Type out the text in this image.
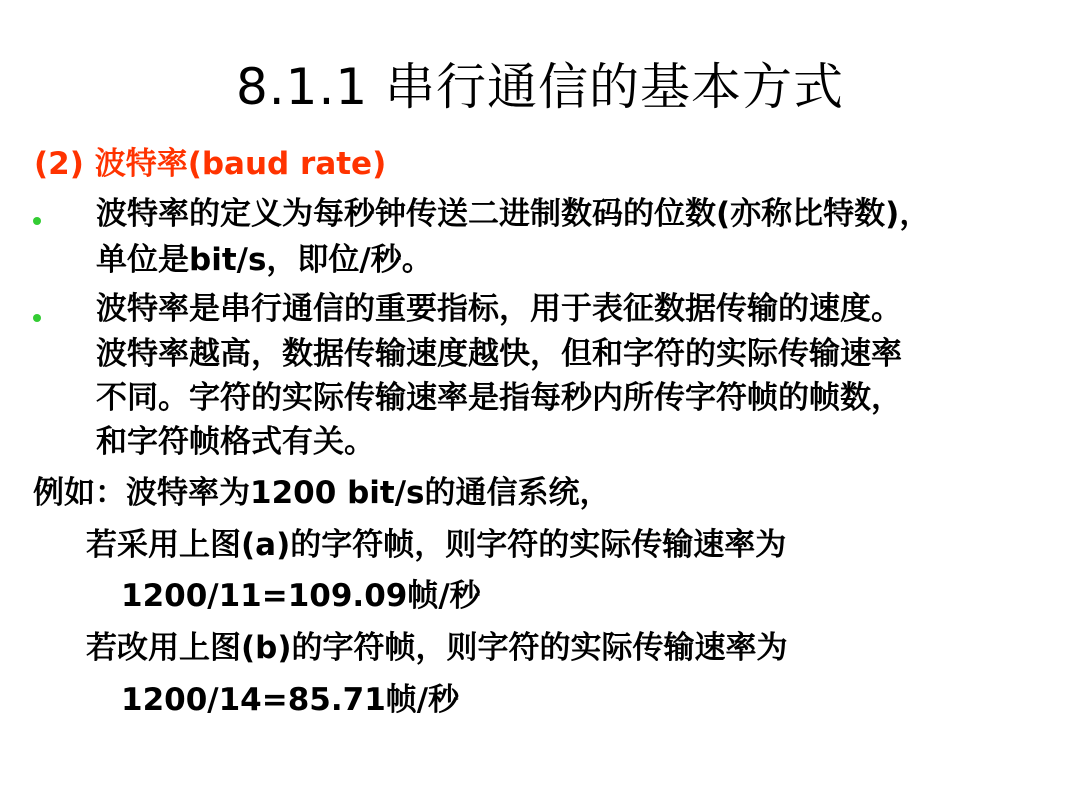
8.1.1 串行通信的基本方式
(2) 波特率(baud rate)
波特率的定义为每秒钟传送二进制数码的位数(亦称比特数)，
单位是bit/s，即位/秒。
波特率是串行通信的重要指标，用于表征数据传输的速度。
波特率越高，数据传输速度越快，但和字符的实际传输速率
不同。字符的实际传输速率是指每秒内所传字符帧的帧数，
和字符帧格式有关。
例如：波特率为1200 bit/s的通信系统，
若采用上图(a)的字符帧，则字符的实际传输速率为
1200/11=109.09帧/秒
若改用上图(b)的字符帧，则字符的实际传输速率为
1200/14=85.71帧/秒
